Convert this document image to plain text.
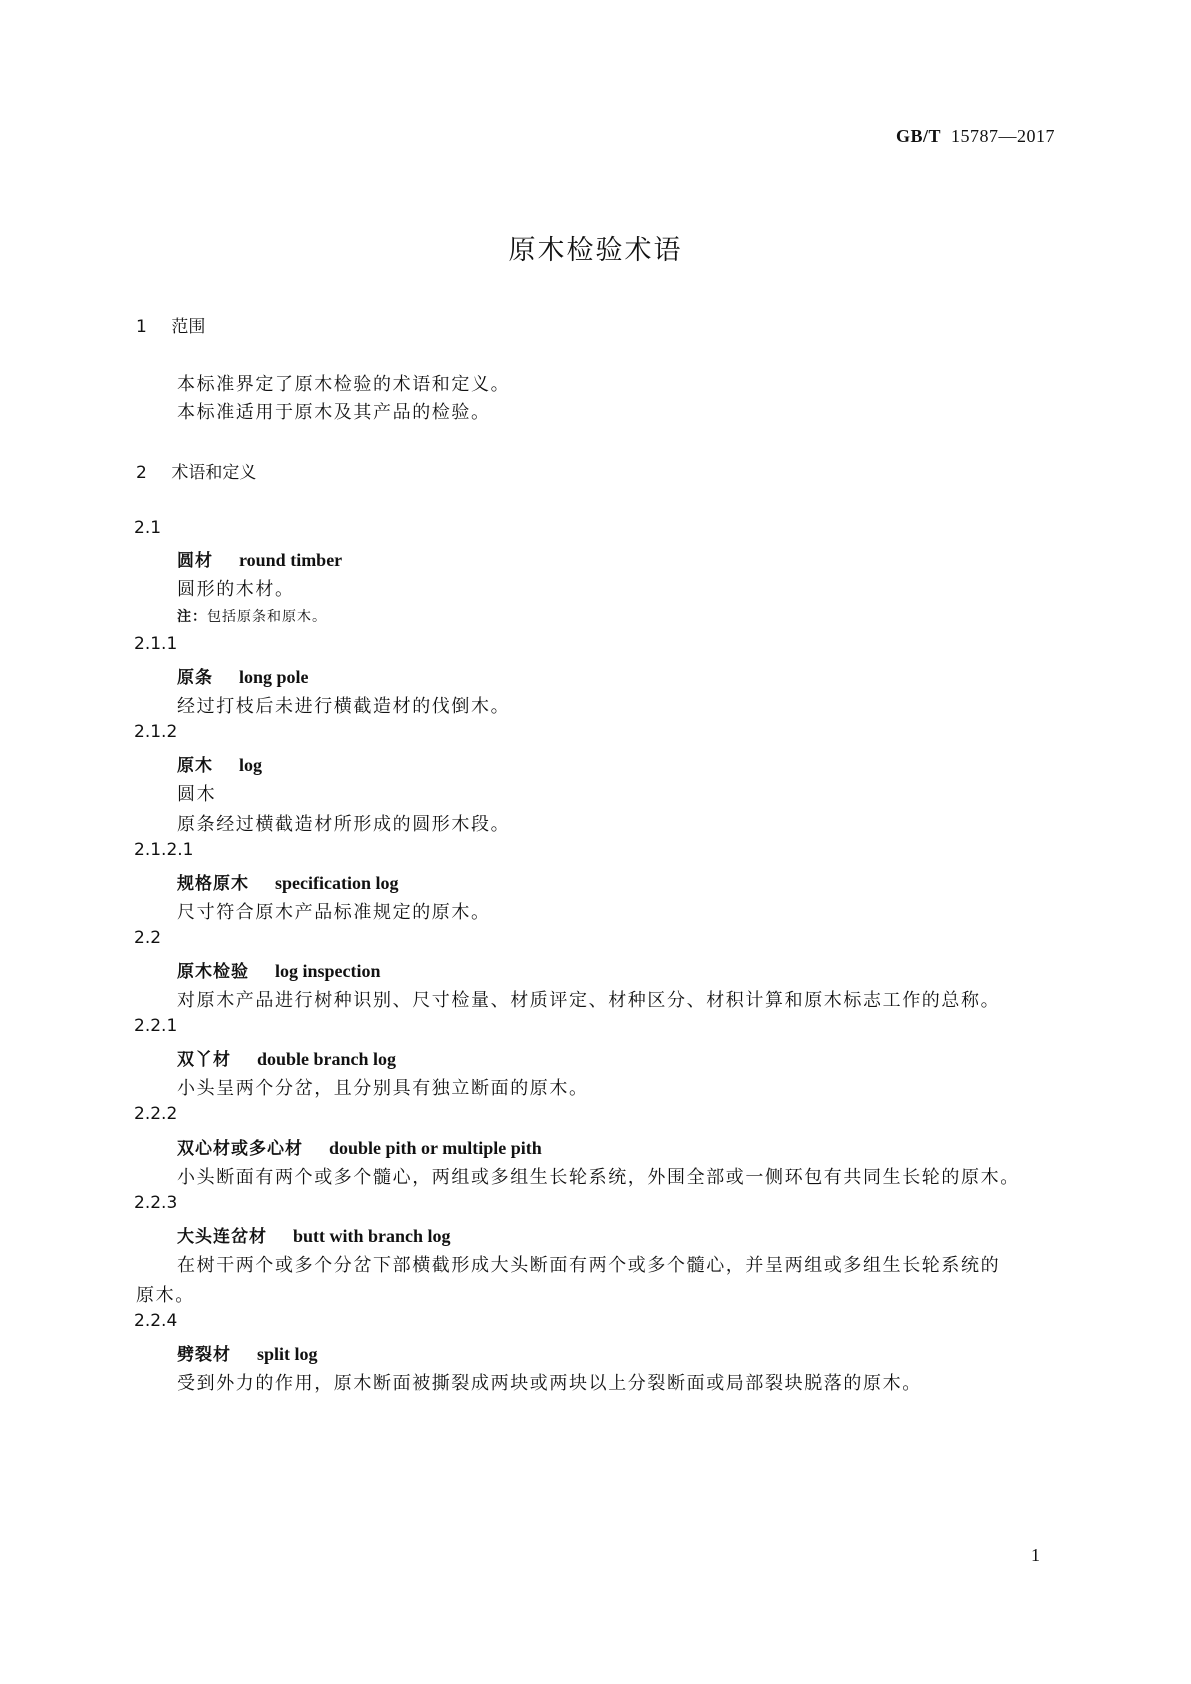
GB/T 15787—2017
原木检验术语
1 范围
本标准界定了原木检验的术语和定义。
本标准适用于原木及其产品的检验。
2 术语和定义
2.1
圆材 round timber
圆形的木材。
注：包括原条和原木。
2.1.1
原条 long pole
经过打枝后未进行横截造材的伐倒木。
2.1.2
原木 log
圆木
原条经过横截造材所形成的圆形木段。
2.1.2.1
规格原木 specification log
尺寸符合原木产品标准规定的原木。
2.2
原木检验 log inspection
对原木产品进行树种识别、尺寸检量、材质评定、材种区分、材积计算和原木标志工作的总称。
2.2.1
双丫材 double branch log
小头呈两个分岔，且分别具有独立断面的原木。
2.2.2
双心材或多心材 double pith or multiple pith
小头断面有两个或多个髓心，两组或多组生长轮系统，外围全部或一侧环包有共同生长轮的原木。
2.2.3
大头连岔材 butt with branch log
在树干两个或多个分岔下部横截形成大头断面有两个或多个髓心，并呈两组或多组生长轮系统的
原木。
2.2.4
劈裂材 split log
受到外力的作用，原木断面被撕裂成两块或两块以上分裂断面或局部裂块脱落的原木。
1
